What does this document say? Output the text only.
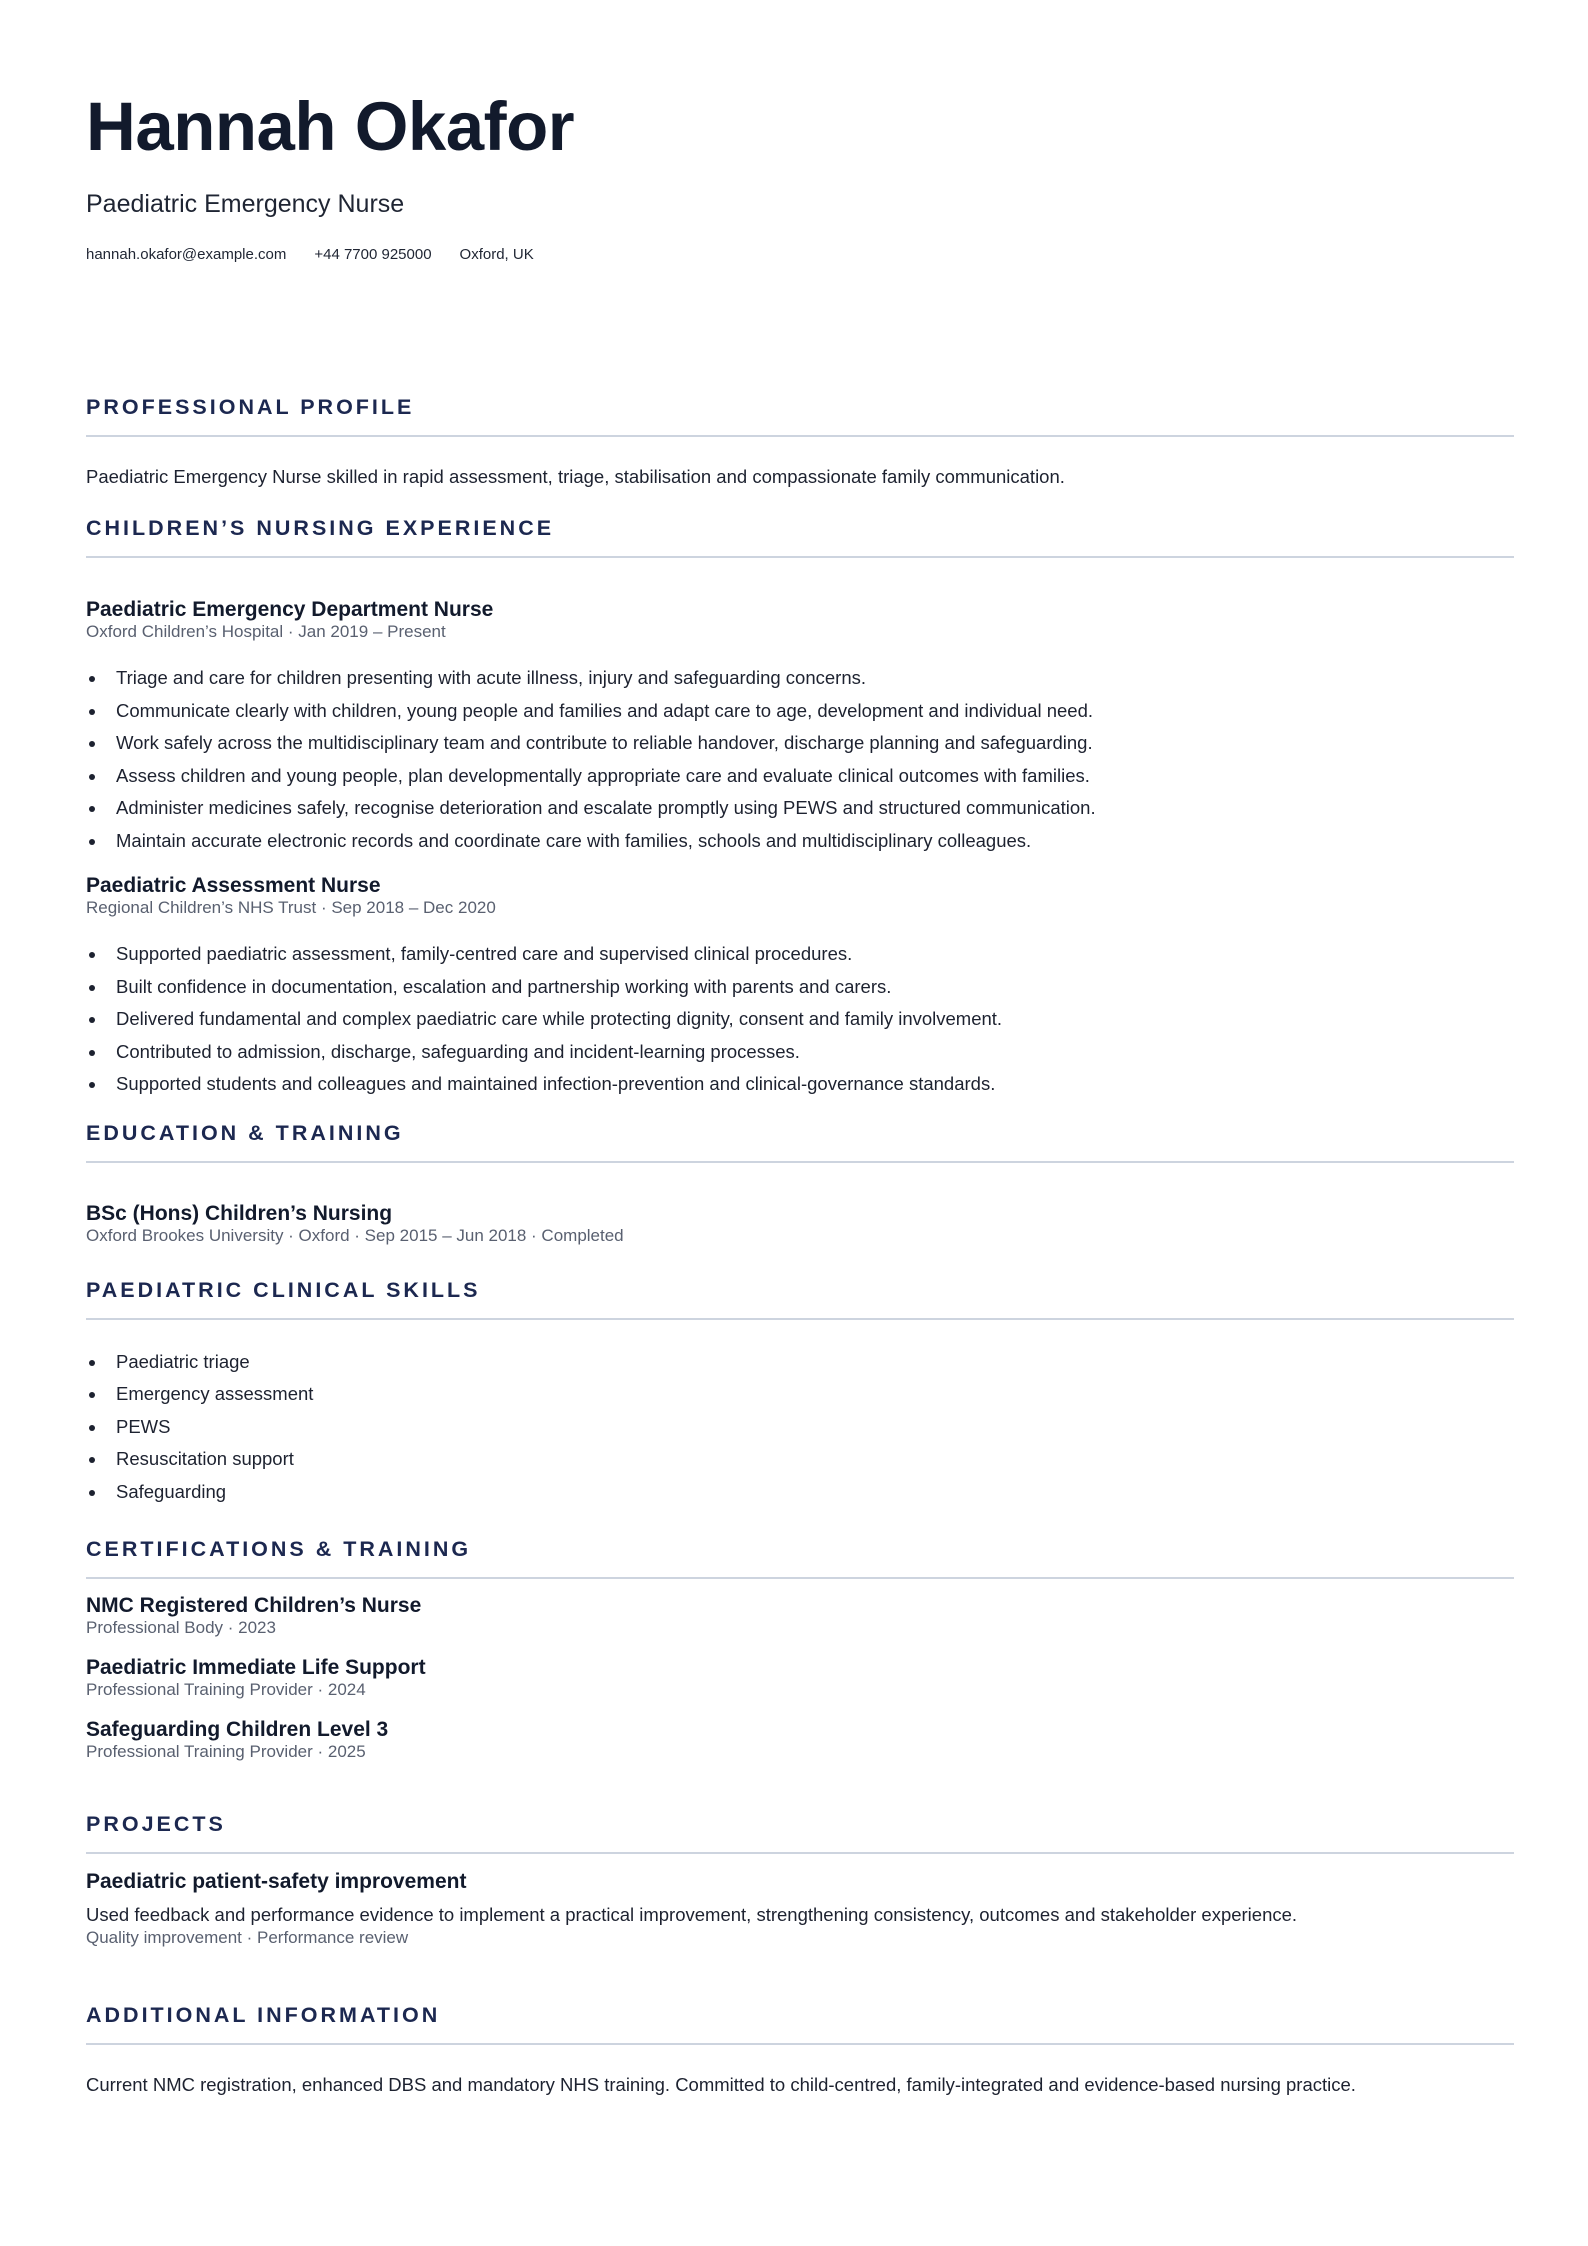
Hannah Okafor
Paediatric Emergency Nurse
hannah.okafor@example.com +44 7700 925000 Oxford, UK
PROFESSIONAL PROFILE
Paediatric Emergency Nurse skilled in rapid assessment, triage, stabilisation and compassionate family communication.
CHILDREN’S NURSING EXPERIENCE
Paediatric Emergency Department Nurse
Oxford Children’s Hospital · Jan 2019 – Present
Triage and care for children presenting with acute illness, injury and safeguarding concerns.
Communicate clearly with children, young people and families and adapt care to age, development and individual need.
Work safely across the multidisciplinary team and contribute to reliable handover, discharge planning and safeguarding.
Assess children and young people, plan developmentally appropriate care and evaluate clinical outcomes with families.
Administer medicines safely, recognise deterioration and escalate promptly using PEWS and structured communication.
Maintain accurate electronic records and coordinate care with families, schools and multidisciplinary colleagues.
Paediatric Assessment Nurse
Regional Children’s NHS Trust · Sep 2018 – Dec 2020
Supported paediatric assessment, family-centred care and supervised clinical procedures.
Built confidence in documentation, escalation and partnership working with parents and carers.
Delivered fundamental and complex paediatric care while protecting dignity, consent and family involvement.
Contributed to admission, discharge, safeguarding and incident-learning processes.
Supported students and colleagues and maintained infection-prevention and clinical-governance standards.
EDUCATION & TRAINING
BSc (Hons) Children’s Nursing
Oxford Brookes University · Oxford · Sep 2015 – Jun 2018 · Completed
PAEDIATRIC CLINICAL SKILLS
Paediatric triage
Emergency assessment
PEWS
Resuscitation support
Safeguarding
CERTIFICATIONS & TRAINING
NMC Registered Children’s Nurse
Professional Body · 2023
Paediatric Immediate Life Support
Professional Training Provider · 2024
Safeguarding Children Level 3
Professional Training Provider · 2025
PROJECTS
Paediatric patient-safety improvement
Used feedback and performance evidence to implement a practical improvement, strengthening consistency, outcomes and stakeholder experience.
Quality improvement · Performance review
ADDITIONAL INFORMATION
Current NMC registration, enhanced DBS and mandatory NHS training. Committed to child-centred, family-integrated and evidence-based nursing practice.
